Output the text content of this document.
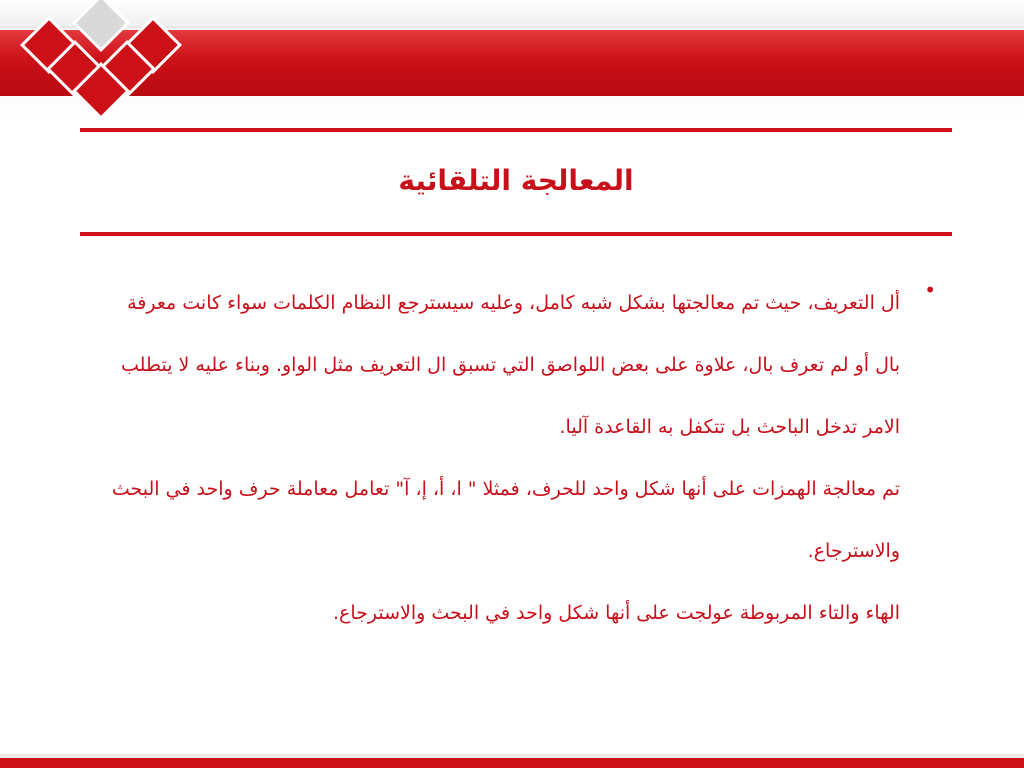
المعالجة التلقائية
•

أل التعريف، حيث تم معالجتها بشكل شبه كامل، وعليه سيسترجع النظام الكلمات سواء كانت معرفة بال أو لم تعرف بال، علاوة على بعض اللواصق التي تسبق ال التعريف مثل الواو. وبناء عليه لا يتطلب الامر تدخل الباحث بل تتكفل به القاعدة آليا.

تم معالجة الهمزات على أنها شكل واحد للحرف، فمثلا " ا، أ، إ، آ" تعامل معاملة حرف واحد في البحث والاسترجاع.

الهاء والتاء المربوطة عولجت على أنها شكل واحد في البحث والاسترجاع.
